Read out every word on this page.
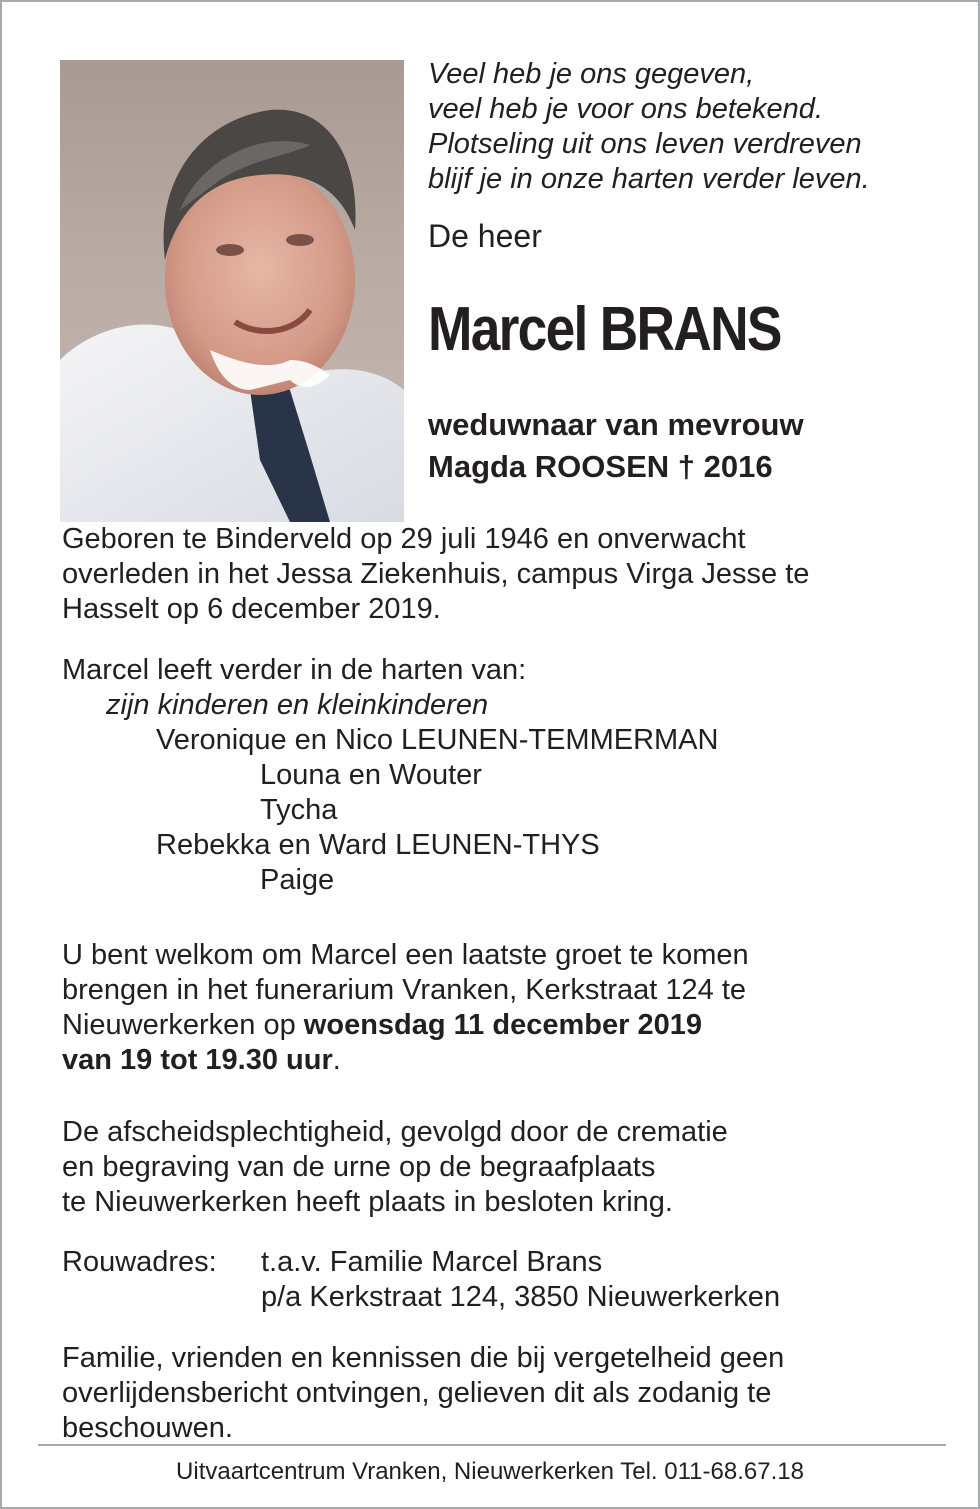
Veel heb je ons gegeven,
veel heb je voor ons betekend.
Plotseling uit ons leven verdreven
blijf je in onze harten verder leven.
De heer
Marcel BRANS
weduwnaar van mevrouw
Magda ROOSEN † 2016
Geboren te Binderveld op 29 juli 1946 en onverwacht
overleden in het Jessa Ziekenhuis, campus Virga Jesse te
Hasselt op 6 december 2019.
Marcel leeft verder in de harten van:
zijn kinderen en kleinkinderen
Veronique en Nico LEUNEN-TEMMERMAN
Louna en Wouter
Tycha
Rebekka en Ward LEUNEN-THYS
Paige
U bent welkom om Marcel een laatste groet te komen
brengen in het funerarium Vranken, Kerkstraat 124 te
Nieuwerkerken op woensdag 11 december 2019
van 19 tot 19.30 uur.
De afscheidsplechtigheid, gevolgd door de crematie
en begraving van de urne op de begraafplaats
te Nieuwerkerken heeft plaats in besloten kring.
Rouwadres:	t.a.v. Familie Marcel Brans
p/a Kerkstraat 124, 3850 Nieuwerkerken
Familie, vrienden en kennissen die bij vergetelheid geen
overlijdensbericht ontvingen, gelieven dit als zodanig te
beschouwen.
Uitvaartcentrum Vranken, Nieuwerkerken Tel. 011-68.67.18
